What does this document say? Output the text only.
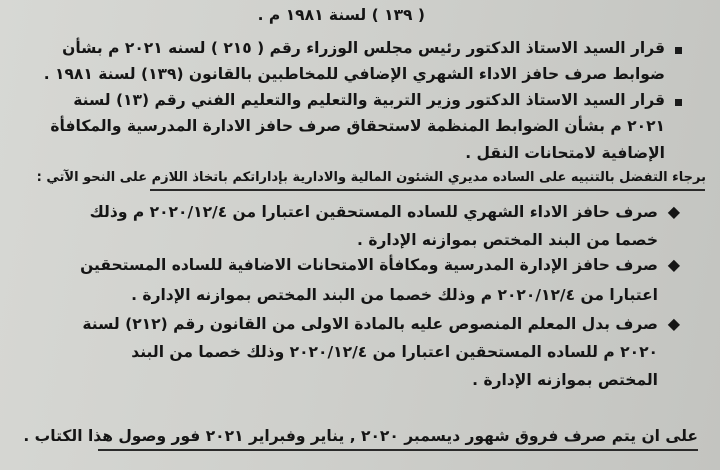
( ١٣٩ ) لسنة ١٩٨١ م .
قرار السيد الاستاذ الدكتور رئيس مجلس الوزراء رقم ( ٢١٥ ) لسنه ٢٠٢١ م بشأن
ضوابط صرف حافز الاداء الشهري الإضافي للمخاطبين بالقانون (١٣٩) لسنة ١٩٨١ .
قرار السيد الاستاذ الدكتور وزير التربية والتعليم والتعليم الفني رقم (١٣) لسنة
٢٠٢١ م بشأن الضوابط المنظمة لاستحقاق صرف حافز الادارة المدرسية والمكافأة
الإضافية لامتحانات النقل .
برجاء التفضل بالتنبيه على الساده مديري الشئون المالية والادارية بإداراتكم باتخاذ اللازم على النحو الآتي :
◆
صرف حافز الاداء الشهري للساده المستحقين اعتبارا من ٢٠٢٠/١٢/٤ م وذلك
خصما من البند المختص بموازنه الإدارة .
◆
صرف حافز الإدارة المدرسية ومكافأة الامتحانات الاضافية للساده المستحقين
اعتبارا من ٢٠٢٠/١٢/٤ م وذلك خصما من البند المختص بموازنه الإدارة .
◆
صرف بدل المعلم المنصوص عليه بالمادة الاولى من القانون رقم (٢١٢) لسنة
٢٠٢٠ م للساده المستحقين اعتبارا من ٢٠٢٠/١٢/٤ وذلك خصما من البند
المختص بموازنه الإدارة .
على ان يتم صرف فروق شهور ديسمبر ٢٠٢٠ , يناير وفبراير ٢٠٢١ فور وصول هذا الكتاب .
